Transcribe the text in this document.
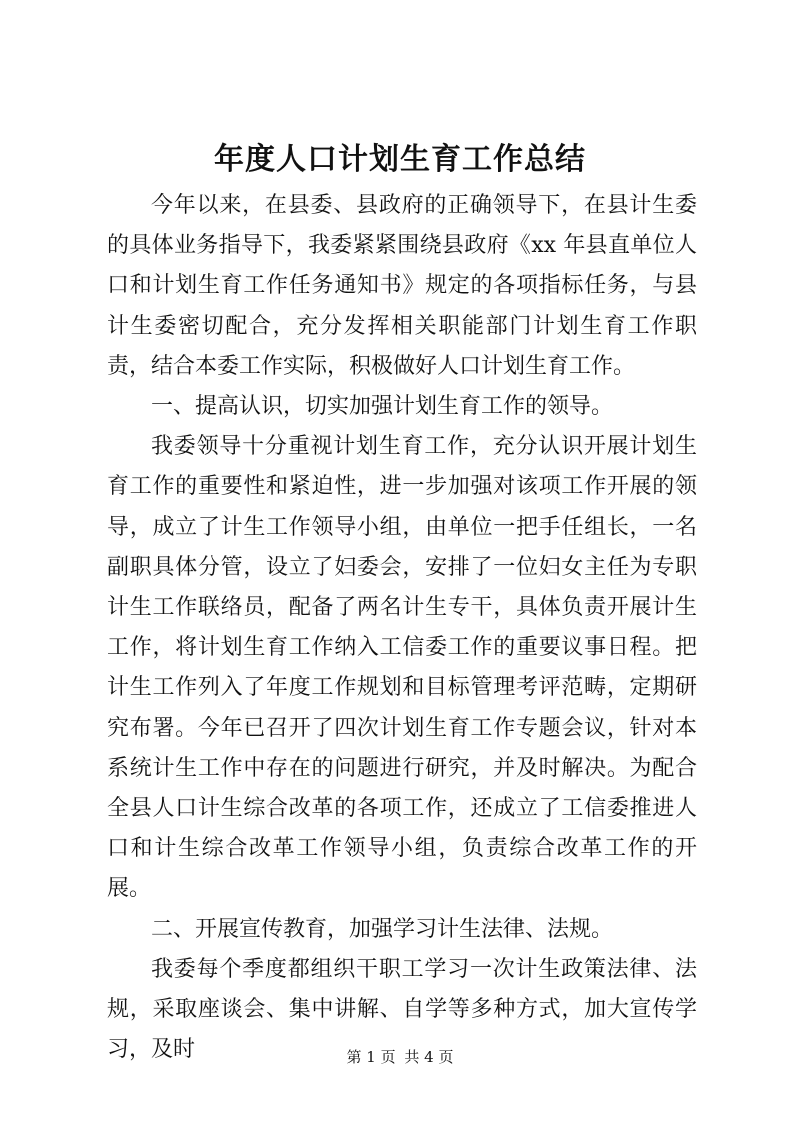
年度人口计划生育工作总结

今年以来，在县委、县政府的正确领导下，在县计生委的具体业务指导下，我委紧紧围绕县政府《xx 年县直单位人口和计划生育工作任务通知书》规定的各项指标任务，与县计生委密切配合，充分发挥相关职能部门计划生育工作职责，结合本委工作实际，积极做好人口计划生育工作。

一、提高认识，切实加强计划生育工作的领导。

我委领导十分重视计划生育工作，充分认识开展计划生育工作的重要性和紧迫性，进一步加强对该项工作开展的领导，成立了计生工作领导小组，由单位一把手任组长，一名副职具体分管，设立了妇委会，安排了一位妇女主任为专职计生工作联络员，配备了两名计生专干，具体负责开展计生工作，将计划生育工作纳入工信委工作的重要议事日程。把计生工作列入了年度工作规划和目标管理考评范畴，定期研究布署。今年已召开了四次计划生育工作专题会议，针对本系统计生工作中存在的问题进行研究，并及时解决。为配合全县人口计生综合改革的各项工作，还成立了工信委推进人口和计生综合改革工作领导小组，负责综合改革工作的开展。

二、开展宣传教育，加强学习计生法律、法规。

我委每个季度都组织干职工学习一次计生政策法律、法规，采取座谈会、集中讲解、自学等多种方式，加大宣传学习，及时	第 1 页 共 4 页
